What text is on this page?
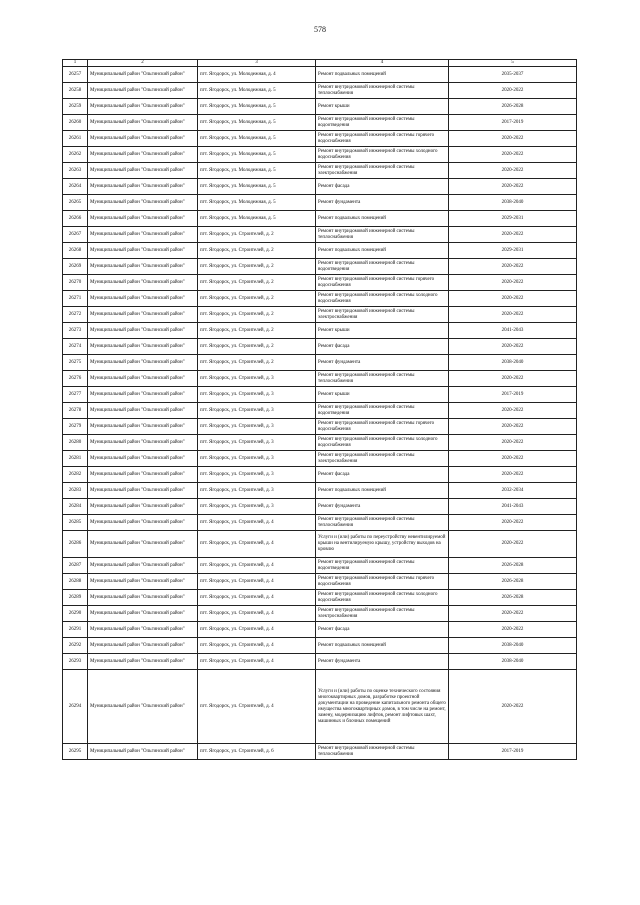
578
1	2	3	4	5
26257	Муниципальный район "Ольгинский район"	пгт. Ягодорск, ул. Молодежная, д. 4	Ремонт подвальных помещений	2035-2037
26258	Муниципальный район "Ольгинский район"	пгт. Ягодорск, ул. Молодежная, д. 5	Ремонт внутридомовой инженерной системы теплоснабжения	2020-2022
26259	Муниципальный район "Ольгинский район"	пгт. Ягодорск, ул. Молодежная, д. 5	Ремонт крыши	2026-2028
26260	Муниципальный район "Ольгинский район"	пгт. Ягодорск, ул. Молодежная, д. 5	Ремонт внутридомовой инженерной системы водоотведения	2017-2019
26261	Муниципальный район "Ольгинский район"	пгт. Ягодорск, ул. Молодежная, д. 5	Ремонт внутридомовой инженерной системы горячего водоснабжения	2020-2022
26262	Муниципальный район "Ольгинский район"	пгт. Ягодорск, ул. Молодежная, д. 5	Ремонт внутридомовой инженерной системы холодного водоснабжения	2020-2022
26263	Муниципальный район "Ольгинский район"	пгт. Ягодорск, ул. Молодежная, д. 5	Ремонт внутридомовой инженерной системы электроснабжения	2020-2022
26264	Муниципальный район "Ольгинский район"	пгт. Ягодорск, ул. Молодежная, д. 5	Ремонт фасада	2020-2022
26265	Муниципальный район "Ольгинский район"	пгт. Ягодорск, ул. Молодежная, д. 5	Ремонт фундамента	2038-2040
26266	Муниципальный район "Ольгинский район"	пгт. Ягодорск, ул. Молодежная, д. 5	Ремонт подвальных помещений	2029-2031
26267	Муниципальный район "Ольгинский район"	пгт. Ягодорск, ул. Строителей, д. 2	Ремонт внутридомовой инженерной системы теплоснабжения	2020-2022
26268	Муниципальный район "Ольгинский район"	пгт. Ягодорск, ул. Строителей, д. 2	Ремонт подвальных помещений	2029-2031
26269	Муниципальный район "Ольгинский район"	пгт. Ягодорск, ул. Строителей, д. 2	Ремонт внутридомовой инженерной системы водоотведения	2020-2022
26270	Муниципальный район "Ольгинский район"	пгт. Ягодорск, ул. Строителей, д. 2	Ремонт внутридомовой инженерной системы горячего водоснабжения	2020-2022
26271	Муниципальный район "Ольгинский район"	пгт. Ягодорск, ул. Строителей, д. 2	Ремонт внутридомовой инженерной системы холодного водоснабжения	2020-2022
26272	Муниципальный район "Ольгинский район"	пгт. Ягодорск, ул. Строителей, д. 2	Ремонт внутридомовой инженерной системы электроснабжения	2020-2022
26273	Муниципальный район "Ольгинский район"	пгт. Ягодорск, ул. Строителей, д. 2	Ремонт крыши	2041-2043
26274	Муниципальный район "Ольгинский район"	пгт. Ягодорск, ул. Строителей, д. 2	Ремонт фасада	2020-2022
26275	Муниципальный район "Ольгинский район"	пгт. Ягодорск, ул. Строителей, д. 2	Ремонт фундамента	2038-2040
26276	Муниципальный район "Ольгинский район"	пгт. Ягодорск, ул. Строителей, д. 3	Ремонт внутридомовой инженерной системы теплоснабжения	2020-2022
26277	Муниципальный район "Ольгинский район"	пгт. Ягодорск, ул. Строителей, д. 3	Ремонт крыши	2017-2019
26278	Муниципальный район "Ольгинский район"	пгт. Ягодорск, ул. Строителей, д. 3	Ремонт внутридомовой инженерной системы водоотведения	2020-2022
26279	Муниципальный район "Ольгинский район"	пгт. Ягодорск, ул. Строителей, д. 3	Ремонт внутридомовой инженерной системы горячего водоснабжения	2020-2022
26280	Муниципальный район "Ольгинский район"	пгт. Ягодорск, ул. Строителей, д. 3	Ремонт внутридомовой инженерной системы холодного водоснабжения	2020-2022
26281	Муниципальный район "Ольгинский район"	пгт. Ягодорск, ул. Строителей, д. 3	Ремонт внутридомовой инженерной системы электроснабжения	2020-2022
26282	Муниципальный район "Ольгинский район"	пгт. Ягодорск, ул. Строителей, д. 3	Ремонт фасада	2020-2022
26283	Муниципальный район "Ольгинский район"	пгт. Ягодорск, ул. Строителей, д. 3	Ремонт подвальных помещений	2032-2034
26284	Муниципальный район "Ольгинский район"	пгт. Ягодорск, ул. Строителей, д. 3	Ремонт фундамента	2041-2043
26285	Муниципальный район "Ольгинский район"	пгт. Ягодорск, ул. Строителей, д. 4	Ремонт внутридомовой инженерной системы теплоснабжения	2020-2022
26286	Муниципальный район "Ольгинский район"	пгт. Ягодорск, ул. Строителей, д. 4	Услуги и (или) работы по переустройству невентилируемой крыши на вентилируемую крышу, устройству выходов на кровлю	2020-2022
26287	Муниципальный район "Ольгинский район"	пгт. Ягодорск, ул. Строителей, д. 4	Ремонт внутридомовой инженерной системы водоотведения	2026-2028
26288	Муниципальный район "Ольгинский район"	пгт. Ягодорск, ул. Строителей, д. 4	Ремонт внутридомовой инженерной системы горячего водоснабжения	2026-2028
26289	Муниципальный район "Ольгинский район"	пгт. Ягодорск, ул. Строителей, д. 4	Ремонт внутридомовой инженерной системы холодного водоснабжения	2026-2028
26290	Муниципальный район "Ольгинский район"	пгт. Ягодорск, ул. Строителей, д. 4	Ремонт внутридомовой инженерной системы электроснабжения	2020-2022
26291	Муниципальный район "Ольгинский район"	пгт. Ягодорск, ул. Строителей, д. 4	Ремонт фасада	2020-2022
26292	Муниципальный район "Ольгинский район"	пгт. Ягодорск, ул. Строителей, д. 4	Ремонт подвальных помещений	2038-2040
26293	Муниципальный район "Ольгинский район"	пгт. Ягодорск, ул. Строителей, д. 4	Ремонт фундамента	2038-2040
26294	Муниципальный район "Ольгинский район"	пгт. Ягодорск, ул. Строителей, д. 4	Услуги и (или) работы по оценке технического состояния многоквартирных домов, разработке проектной документации на проведение капитального ремонта общего имущества многоквартирных домов, в том числе на ремонт, замену, модернизацию лифтов, ремонт лифтовых шахт, машинных и блочных помещений	2020-2022
26295	Муниципальный район "Ольгинский район"	пгт. Ягодорск, ул. Строителей, д. 6	Ремонт внутридомовой инженерной системы теплоснабжения	2017-2019
